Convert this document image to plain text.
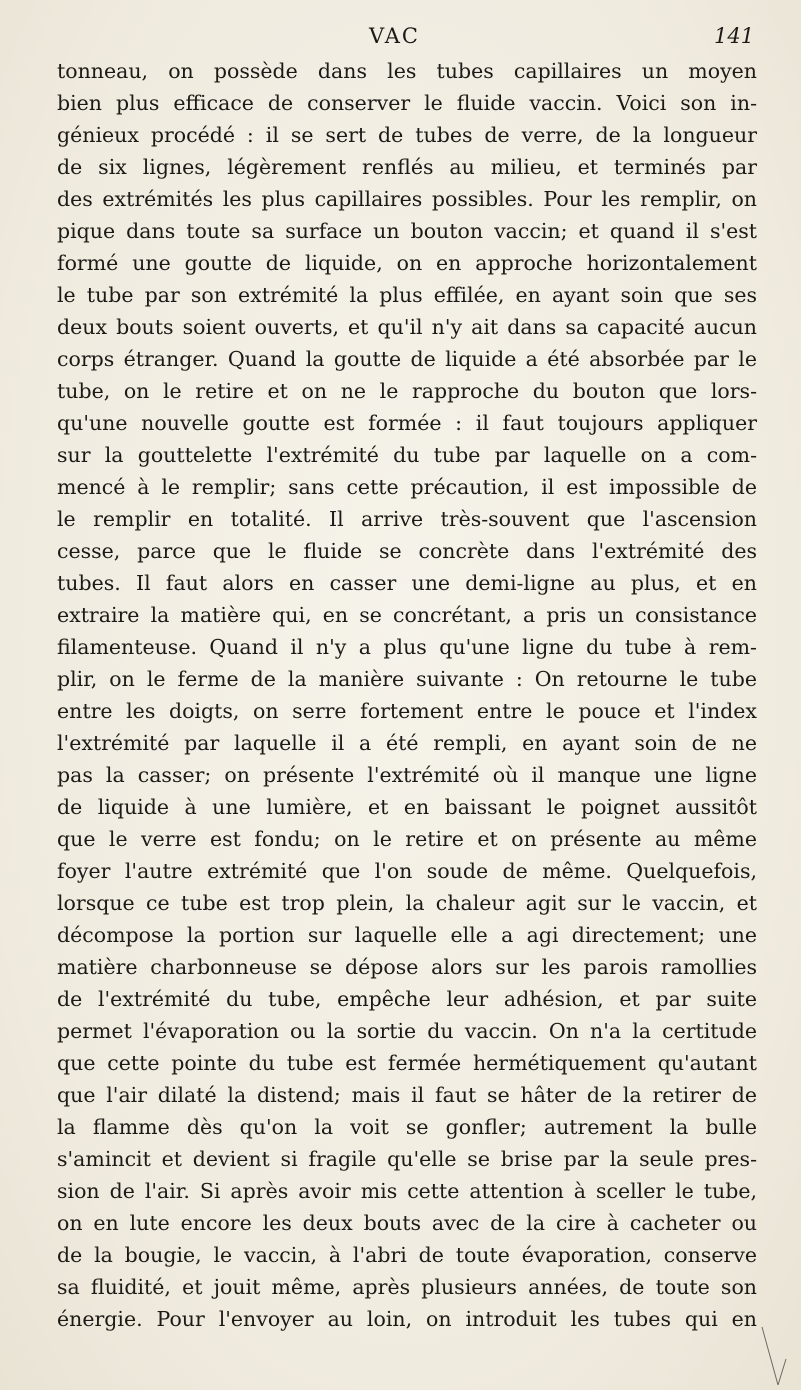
VAC	141
tonneau, on possède dans les tubes capillaires un moyen
bien plus efficace de conserver le fluide vaccin. Voici son in-
génieux procédé : il se sert de tubes de verre, de la longueur
de six lignes, légèrement renflés au milieu, et terminés par
des extrémités les plus capillaires possibles. Pour les remplir, on
pique dans toute sa surface un bouton vaccin; et quand il s'est
formé une goutte de liquide, on en approche horizontalement
le tube par son extrémité la plus effilée, en ayant soin que ses
deux bouts soient ouverts, et qu'il n'y ait dans sa capacité aucun
corps étranger. Quand la goutte de liquide a été absorbée par le
tube, on le retire et on ne le rapproche du bouton que lors-
qu'une nouvelle goutte est formée : il faut toujours appliquer
sur la gouttelette l'extrémité du tube par laquelle on a com-
mencé à le remplir; sans cette précaution, il est impossible de
le remplir en totalité. Il arrive très-souvent que l'ascension
cesse, parce que le fluide se concrète dans l'extrémité des
tubes. Il faut alors en casser une demi-ligne au plus, et en
extraire la matière qui, en se concrétant, a pris un consistance
filamenteuse. Quand il n'y a plus qu'une ligne du tube à rem-
plir, on le ferme de la manière suivante : On retourne le tube
entre les doigts, on serre fortement entre le pouce et l'index
l'extrémité par laquelle il a été rempli, en ayant soin de ne
pas la casser; on présente l'extrémité où il manque une ligne
de liquide à une lumière, et en baissant le poignet aussitôt
que le verre est fondu; on le retire et on présente au même
foyer l'autre extrémité que l'on soude de même. Quelquefois,
lorsque ce tube est trop plein, la chaleur agit sur le vaccin, et
décompose la portion sur laquelle elle a agi directement; une
matière charbonneuse se dépose alors sur les parois ramollies
de l'extrémité du tube, empêche leur adhésion, et par suite
permet l'évaporation ou la sortie du vaccin. On n'a la certitude
que cette pointe du tube est fermée hermétiquement qu'autant
que l'air dilaté la distend; mais il faut se hâter de la retirer de
la flamme dès qu'on la voit se gonfler; autrement la bulle
s'amincit et devient si fragile qu'elle se brise par la seule pres-
sion de l'air. Si après avoir mis cette attention à sceller le tube,
on en lute encore les deux bouts avec de la cire à cacheter ou
de la bougie, le vaccin, à l'abri de toute évaporation, conserve
sa fluidité, et jouit même, après plusieurs années, de toute son
énergie. Pour l'envoyer au loin, on introduit les tubes qui en
